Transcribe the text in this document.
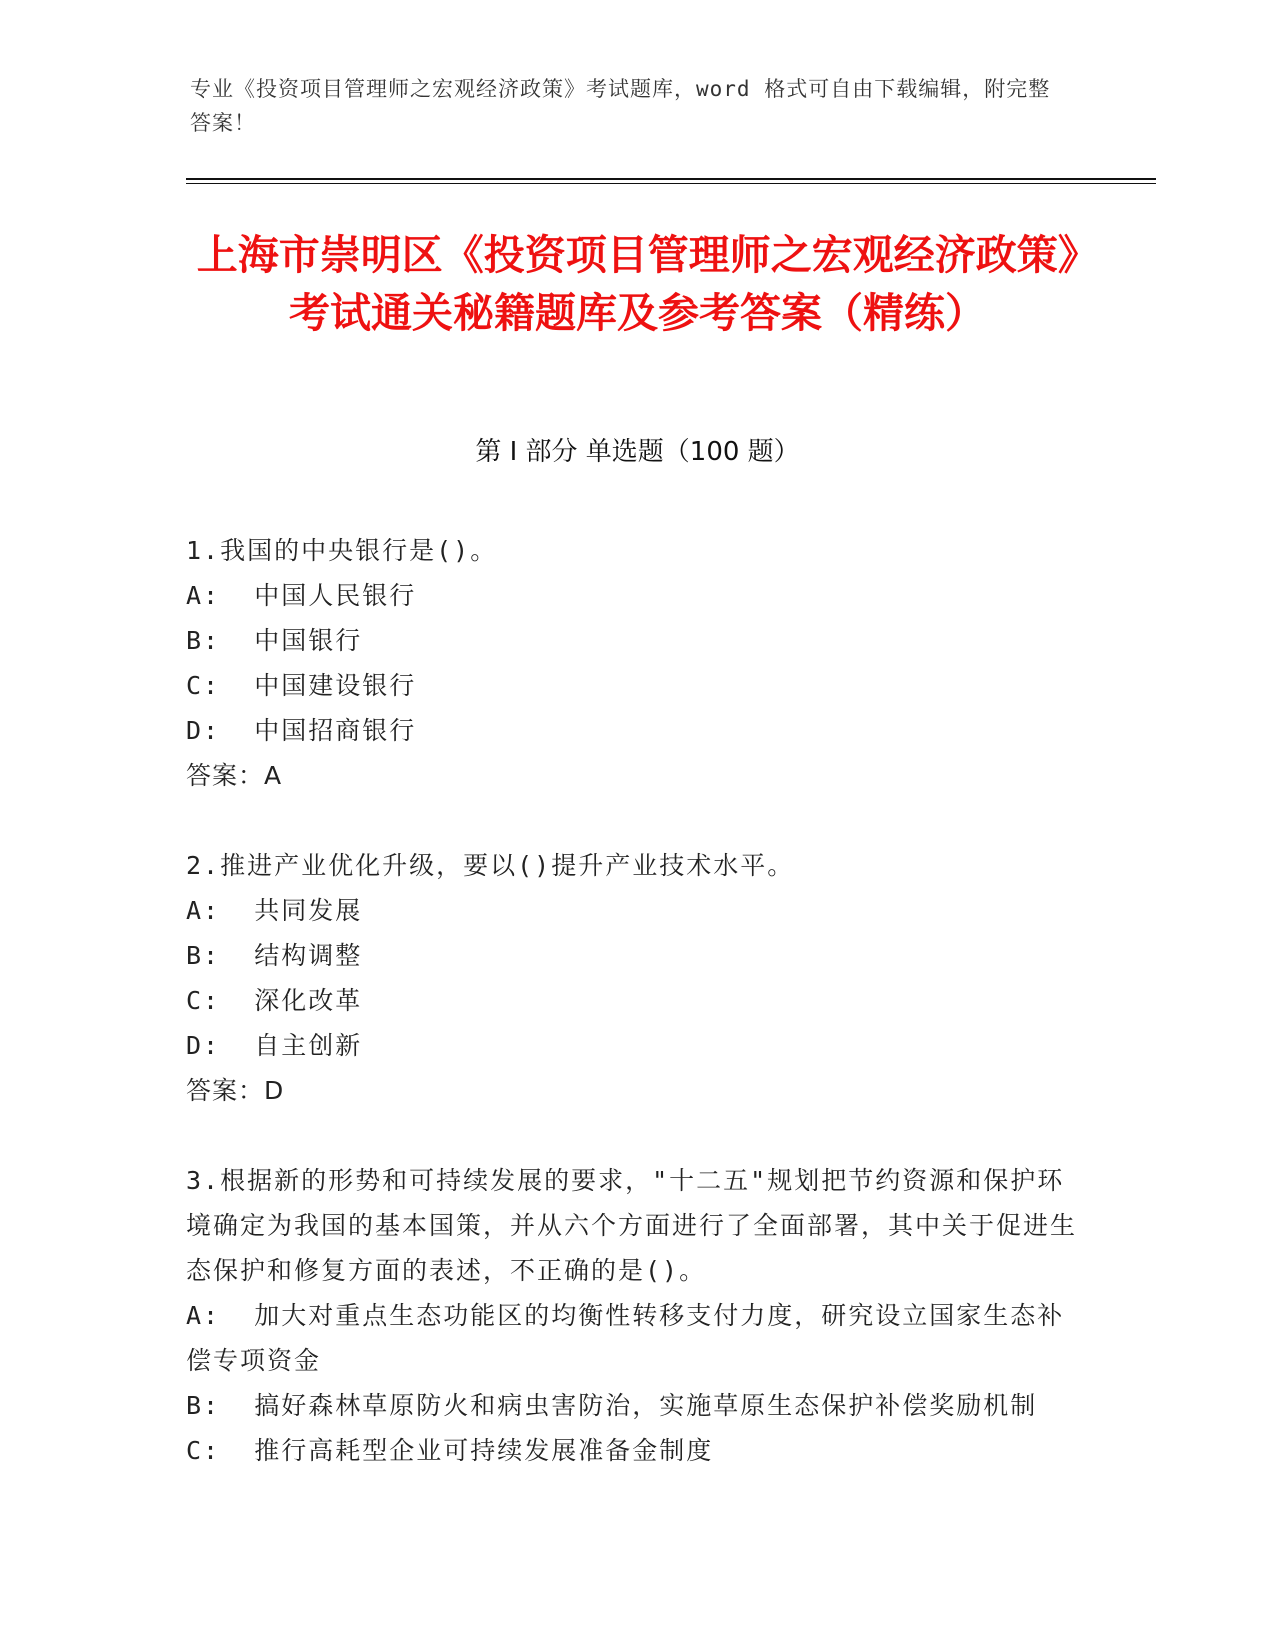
专业《投资项目管理师之宏观经济政策》考试题库，word 格式可自由下载编辑，附完整答案！
上海市崇明区《投资项目管理师之宏观经济政策》考试通关秘籍题库及参考答案（精练）
第 I 部分 单选题（100 题）
1.我国的中央银行是()。
A:  中国人民银行
B:  中国银行
C:  中国建设银行
D:  中国招商银行
答案：A
2.推进产业优化升级，要以()提升产业技术水平。
A:  共同发展
B:  结构调整
C:  深化改革
D:  自主创新
答案：D
3.根据新的形势和可持续发展的要求，"十二五"规划把节约资源和保护环境确定为我国的基本国策，并从六个方面进行了全面部署，其中关于促进生态保护和修复方面的表述，不正确的是()。
A:  加大对重点生态功能区的均衡性转移支付力度，研究设立国家生态补偿专项资金
B:  搞好森林草原防火和病虫害防治，实施草原生态保护补偿奖励机制
C:  推行高耗型企业可持续发展准备金制度
